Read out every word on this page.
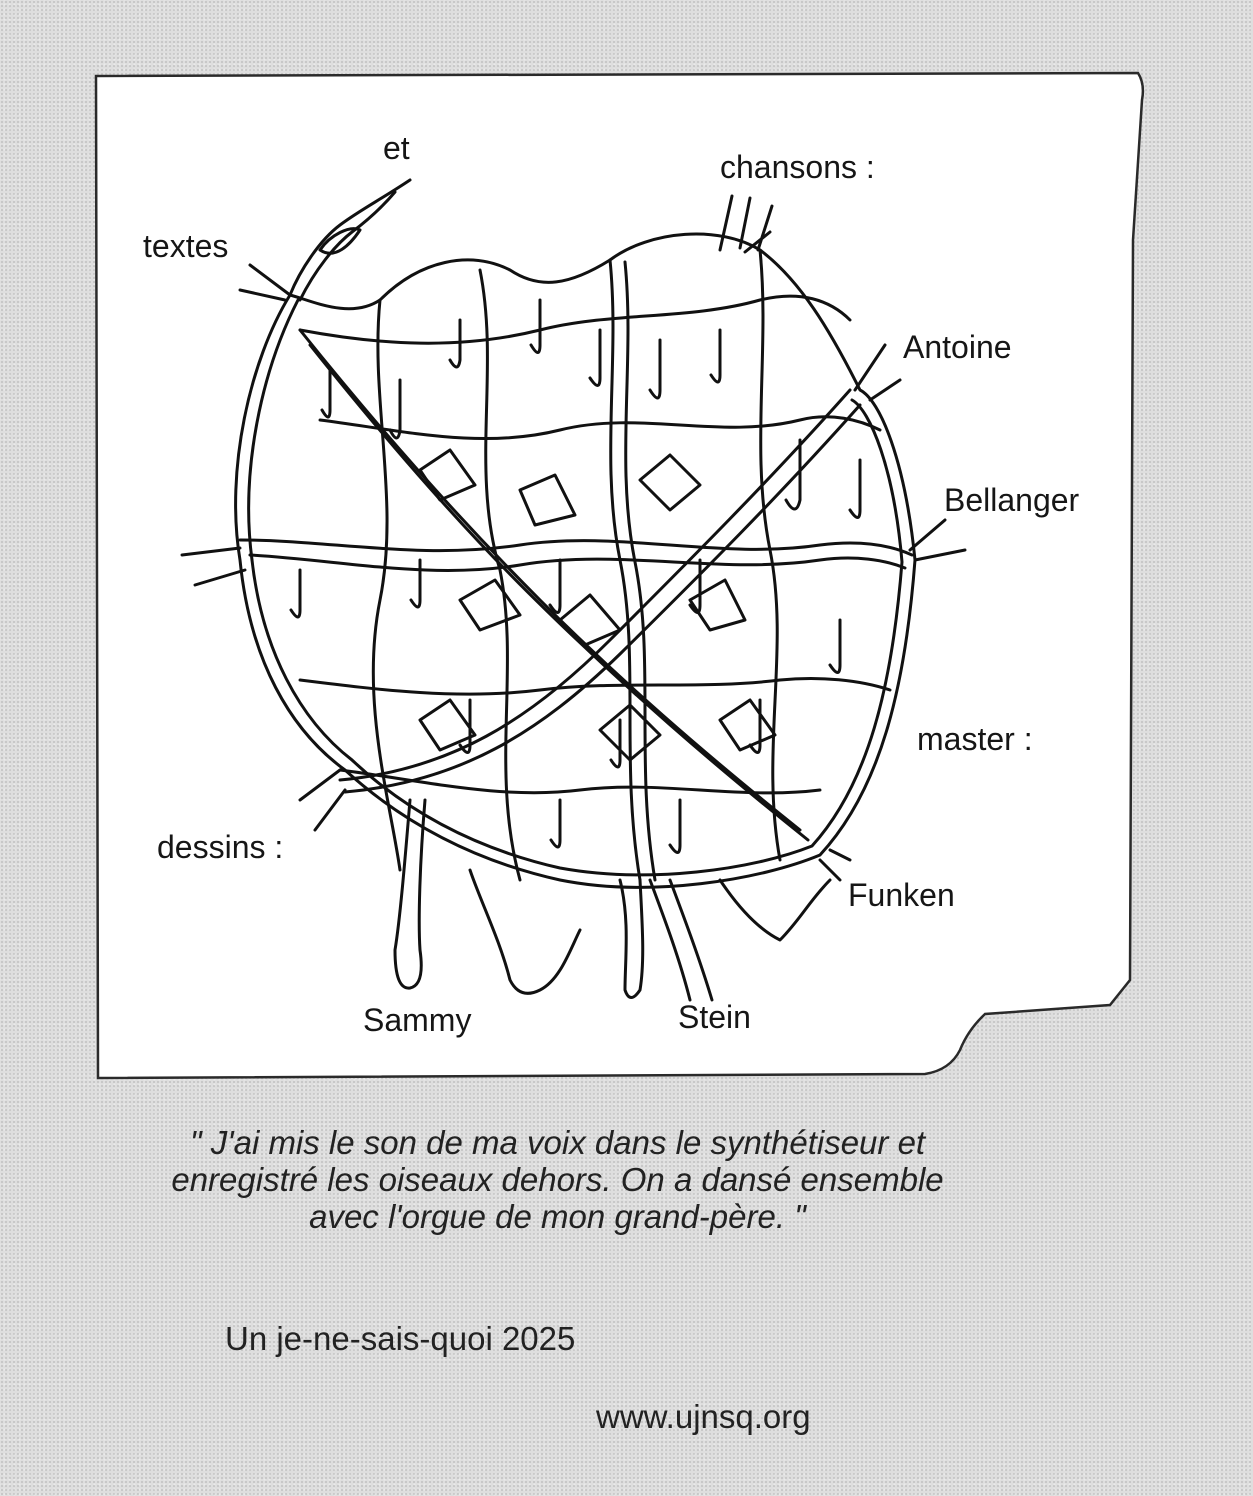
et
textes
chansons :
Antoine
Bellanger
master :
dessins :
Funken
Sammy	Stein
" J'ai mis le son de ma voix dans le synthétiseur et
enregistré les oiseaux dehors. On a dansé ensemble
avec l'orgue de mon grand-père. "
Un je-ne-sais-quoi 2025
www.ujnsq.org
